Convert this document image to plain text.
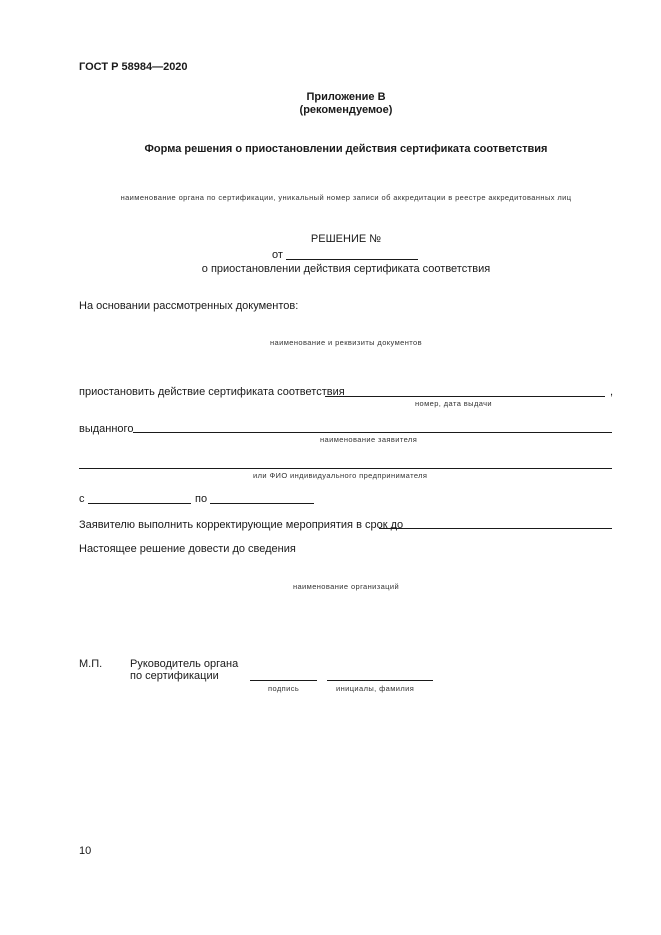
ГОСТ Р 58984—2020
Приложение В
(рекомендуемое)
Форма решения о приостановлении действия сертификата соответствия
наименование органа по сертификации, уникальный номер записи об аккредитации в реестре аккредитованных лиц
РЕШЕНИЕ №
от
о приостановлении действия сертификата соответствия
На основании рассмотренных документов:
наименование и реквизиты документов
приостановить действие сертификата соответствия	,
номер, дата выдачи
выданного
наименование заявителя
или ФИО индивидуального предпринимателя
с	по
Заявителю выполнить корректирующие мероприятия в срок до
Настоящее решение довести до сведения
наименование организаций
М.П.	Руководитель органа
по сертификации
подпись	инициалы, фамилия
10
